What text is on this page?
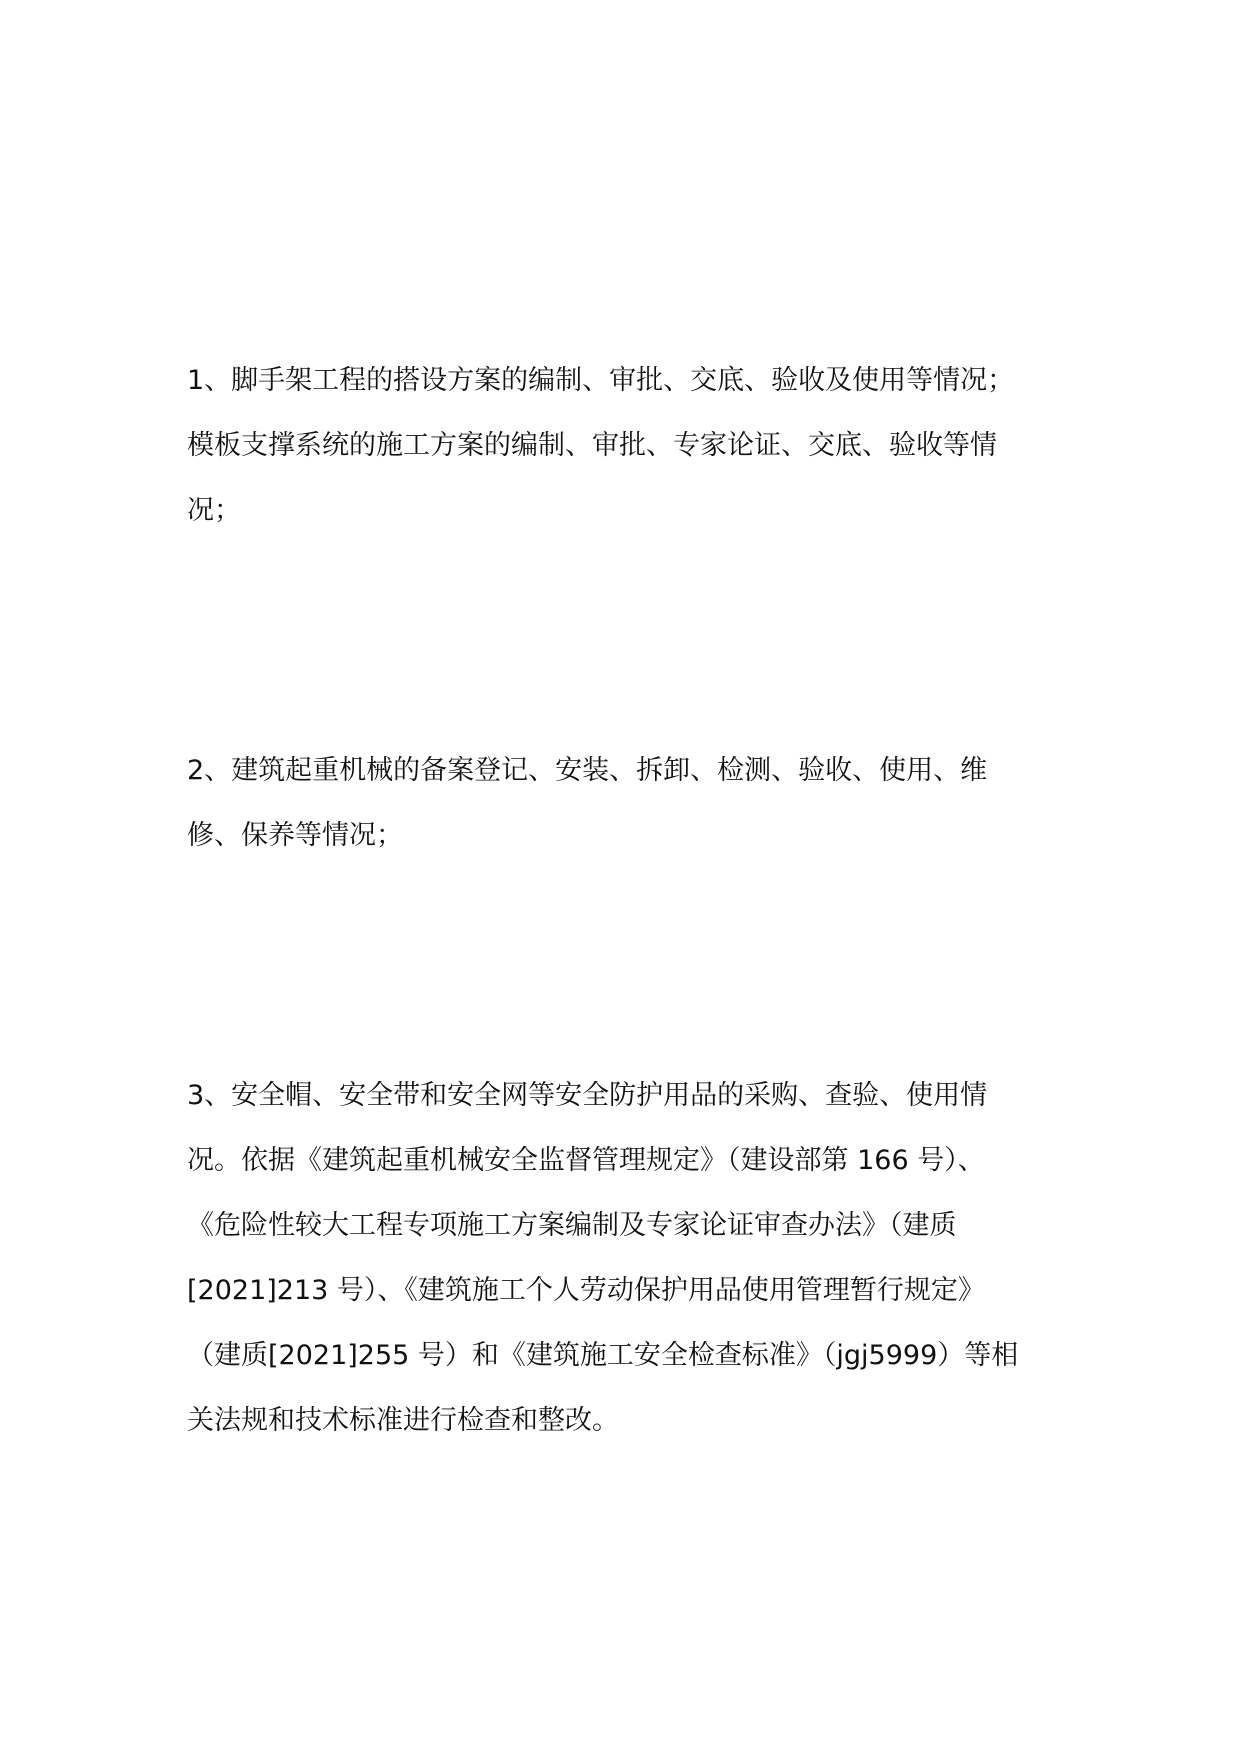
1、脚手架工程的搭设方案的编制、审批、交底、验收及使用等情况；
模板支撑系统的施工方案的编制、审批、专家论证、交底、验收等情
况；

2、建筑起重机械的备案登记、安装、拆卸、检测、验收、使用、维
修、保养等情况；

3、安全帽、安全带和安全网等安全防护用品的采购、查验、使用情
况。依据《建筑起重机械安全监督管理规定》（建设部第 166 号）、
《危险性较大工程专项施工方案编制及专家论证审查办法》（建质
[2021]213 号）、《建筑施工个人劳动保护用品使用管理暂行规定》
（建质[2021]255 号）和《建筑施工安全检查标准》（jgj5999）等相
关法规和技术标准进行检查和整改。
